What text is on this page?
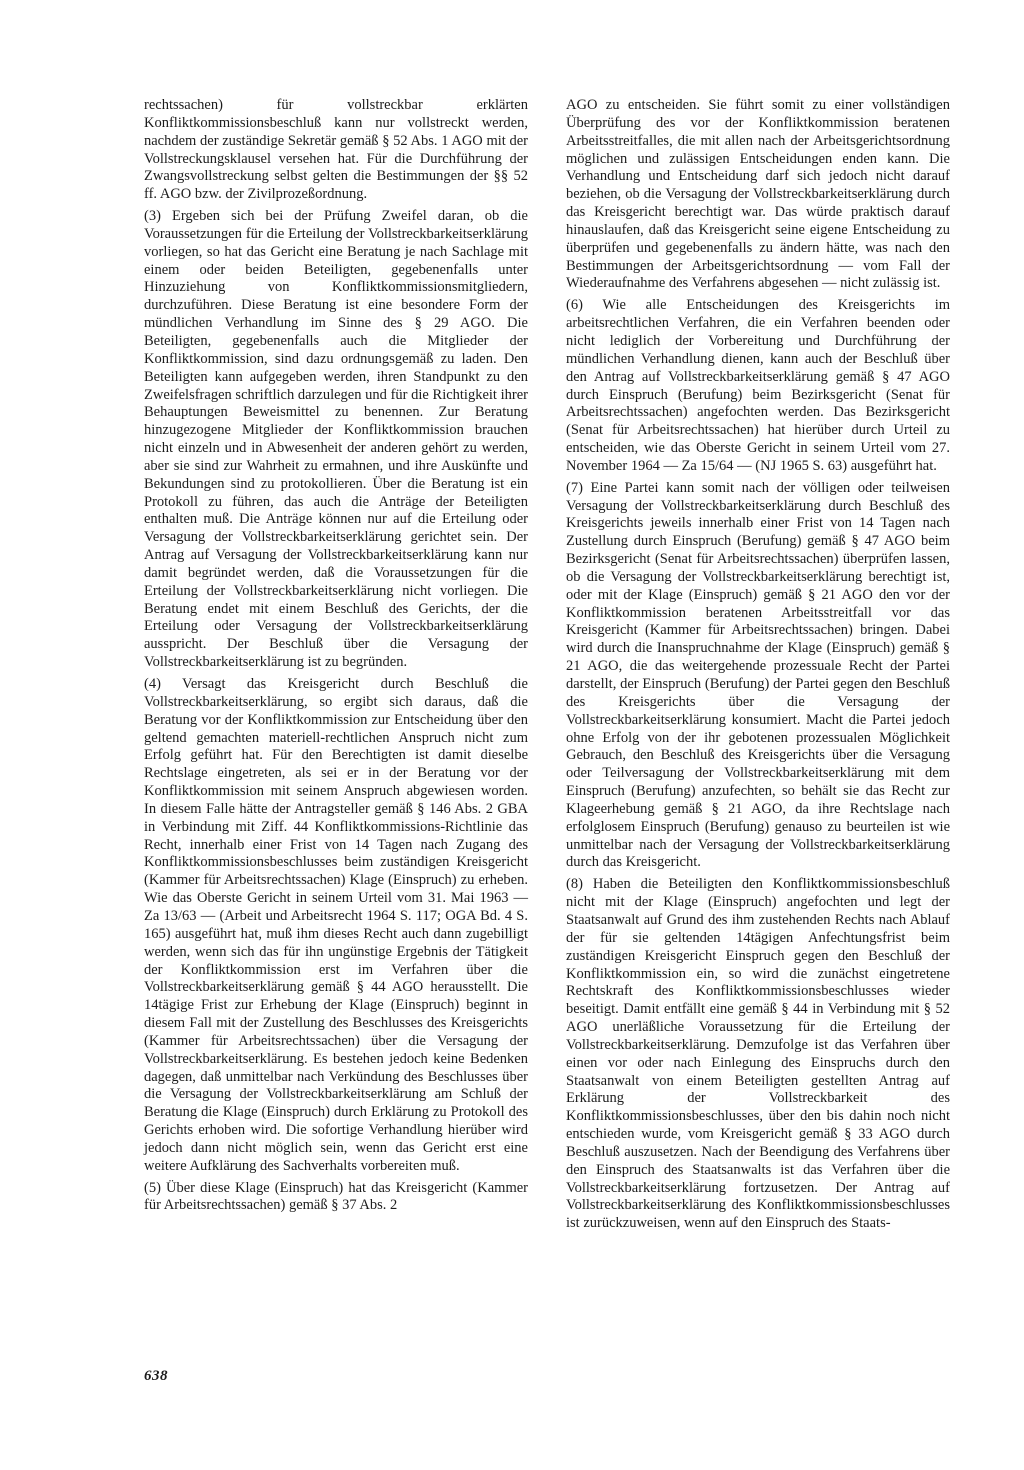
rechtssachen) für vollstreckbar erklärten Konfliktkommissionsbeschluß kann nur vollstreckt werden, nachdem der zuständige Sekretär gemäß § 52 Abs. 1 AGO mit der Vollstreckungsklausel versehen hat. Für die Durchführung der Zwangsvollstreckung selbst gelten die Bestimmungen der §§ 52 ff. AGO bzw. der Zivilprozeßordnung.

(3) Ergeben sich bei der Prüfung Zweifel daran, ob die Voraussetzungen für die Erteilung der Vollstreckbarkeitserklärung vorliegen, so hat das Gericht eine Beratung je nach Sachlage mit einem oder beiden Beteiligten, gegebenenfalls unter Hinzuziehung von Konfliktkommissionsmitgliedern, durchzuführen. Diese Beratung ist eine besondere Form der mündlichen Verhandlung im Sinne des § 29 AGO. Die Beteiligten, gegebenenfalls auch die Mitglieder der Konfliktkommission, sind dazu ordnungsgemäß zu laden. Den Beteiligten kann aufgegeben werden, ihren Standpunkt zu den Zweifelsfragen schriftlich darzulegen und für die Richtigkeit ihrer Behauptungen Beweismittel zu benennen. Zur Beratung hinzugezogene Mitglieder der Konfliktkommission brauchen nicht einzeln und in Abwesenheit der anderen gehört zu werden, aber sie sind zur Wahrheit zu ermahnen, und ihre Auskünfte und Bekundungen sind zu protokollieren. Über die Beratung ist ein Protokoll zu führen, das auch die Anträge der Beteiligten enthalten muß. Die Anträge können nur auf die Erteilung oder Versagung der Vollstreckbarkeitserklärung gerichtet sein. Der Antrag auf Versagung der Vollstreckbarkeitserklärung kann nur damit begründet werden, daß die Voraussetzungen für die Erteilung der Vollstreckbarkeitserklärung nicht vorliegen. Die Beratung endet mit einem Beschluß des Gerichts, der die Erteilung oder Versagung der Vollstreckbarkeitserklärung ausspricht. Der Beschluß über die Versagung der Vollstreckbarkeitserklärung ist zu begründen.

(4) Versagt das Kreisgericht durch Beschluß die Vollstreckbarkeitserklärung, so ergibt sich daraus, daß die Beratung vor der Konfliktkommission zur Entscheidung über den geltend gemachten materiell-rechtlichen Anspruch nicht zum Erfolg geführt hat. Für den Berechtigten ist damit dieselbe Rechtslage eingetreten, als sei er in der Beratung vor der Konfliktkommission mit seinem Anspruch abgewiesen worden. In diesem Falle hätte der Antragsteller gemäß § 146 Abs. 2 GBA in Verbindung mit Ziff. 44 Konfliktkommissions-Richtlinie das Recht, innerhalb einer Frist von 14 Tagen nach Zugang des Konfliktkommissionsbeschlusses beim zuständigen Kreisgericht (Kammer für Arbeitsrechtssachen) Klage (Einspruch) zu erheben. Wie das Oberste Gericht in seinem Urteil vom 31. Mai 1963 — Za 13/63 — (Arbeit und Arbeitsrecht 1964 S. 117; OGA Bd. 4 S. 165) ausgeführt hat, muß ihm dieses Recht auch dann zugebilligt werden, wenn sich das für ihn ungünstige Ergebnis der Tätigkeit der Konfliktkommission erst im Verfahren über die Vollstreckbarkeitserklärung gemäß § 44 AGO herausstellt. Die 14tägige Frist zur Erhebung der Klage (Einspruch) beginnt in diesem Fall mit der Zustellung des Beschlusses des Kreisgerichts (Kammer für Arbeitsrechtssachen) über die Versagung der Vollstreckbarkeitserklärung. Es bestehen jedoch keine Bedenken dagegen, daß unmittelbar nach Verkündung des Beschlusses über die Versagung der Vollstreckbarkeitserklärung am Schluß der Beratung die Klage (Einspruch) durch Erklärung zu Protokoll des Gerichts erhoben wird. Die sofortige Verhandlung hierüber wird jedoch dann nicht möglich sein, wenn das Gericht erst eine weitere Aufklärung des Sachverhalts vorbereiten muß.

(5) Über diese Klage (Einspruch) hat das Kreisgericht (Kammer für Arbeitsrechtssachen) gemäß § 37 Abs. 2

AGO zu entscheiden. Sie führt somit zu einer vollständigen Überprüfung des vor der Konfliktkommission beratenen Arbeitsstreitfalles, die mit allen nach der Arbeitsgerichtsordnung möglichen und zulässigen Entscheidungen enden kann. Die Verhandlung und Entscheidung darf sich jedoch nicht darauf beziehen, ob die Versagung der Vollstreckbarkeitserklärung durch das Kreisgericht berechtigt war. Das würde praktisch darauf hinauslaufen, daß das Kreisgericht seine eigene Entscheidung zu überprüfen und gegebenenfalls zu ändern hätte, was nach den Bestimmungen der Arbeitsgerichtsordnung — vom Fall der Wiederaufnahme des Verfahrens abgesehen — nicht zulässig ist.

(6) Wie alle Entscheidungen des Kreisgerichts im arbeitsrechtlichen Verfahren, die ein Verfahren beenden oder nicht lediglich der Vorbereitung und Durchführung der mündlichen Verhandlung dienen, kann auch der Beschluß über den Antrag auf Vollstreckbarkeitserklärung gemäß § 47 AGO durch Einspruch (Berufung) beim Bezirksgericht (Senat für Arbeitsrechtssachen) angefochten werden. Das Bezirksgericht (Senat für Arbeitsrechtssachen) hat hierüber durch Urteil zu entscheiden, wie das Oberste Gericht in seinem Urteil vom 27. November 1964 — Za 15/64 — (NJ 1965 S. 63) ausgeführt hat.

(7) Eine Partei kann somit nach der völligen oder teilweisen Versagung der Vollstreckbarkeitserklärung durch Beschluß des Kreisgerichts jeweils innerhalb einer Frist von 14 Tagen nach Zustellung durch Einspruch (Berufung) gemäß § 47 AGO beim Bezirksgericht (Senat für Arbeitsrechtssachen) überprüfen lassen, ob die Versagung der Vollstreckbarkeitserklärung berechtigt ist, oder mit der Klage (Einspruch) gemäß § 21 AGO den vor der Konfliktkommission beratenen Arbeitsstreitfall vor das Kreisgericht (Kammer für Arbeitsrechtssachen) bringen. Dabei wird durch die Inanspruchnahme der Klage (Einspruch) gemäß § 21 AGO, die das weitergehende prozessuale Recht der Partei darstellt, der Einspruch (Berufung) der Partei gegen den Beschluß des Kreisgerichts über die Versagung der Vollstreckbarkeitserklärung konsumiert. Macht die Partei jedoch ohne Erfolg von der ihr gebotenen prozessualen Möglichkeit Gebrauch, den Beschluß des Kreisgerichts über die Versagung oder Teilversagung der Vollstreckbarkeitserklärung mit dem Einspruch (Berufung) anzufechten, so behält sie das Recht zur Klageerhebung gemäß § 21 AGO, da ihre Rechtslage nach erfolglosem Einspruch (Berufung) genauso zu beurteilen ist wie unmittelbar nach der Versagung der Vollstreckbarkeitserklärung durch das Kreisgericht.

(8) Haben die Beteiligten den Konfliktkommissionsbeschluß nicht mit der Klage (Einspruch) angefochten und legt der Staatsanwalt auf Grund des ihm zustehenden Rechts nach Ablauf der für sie geltenden 14tägigen Anfechtungsfrist beim zuständigen Kreisgericht Einspruch gegen den Beschluß der Konfliktkommission ein, so wird die zunächst eingetretene Rechtskraft des Konfliktkommissionsbeschlusses wieder beseitigt. Damit entfällt eine gemäß § 44 in Verbindung mit § 52 AGO unerläßliche Voraussetzung für die Erteilung der Vollstreckbarkeitserklärung. Demzufolge ist das Verfahren über einen vor oder nach Einlegung des Einspruchs durch den Staatsanwalt von einem Beteiligten gestellten Antrag auf Erklärung der Vollstreckbarkeit des Konfliktkommissionsbeschlusses, über den bis dahin noch nicht entschieden wurde, vom Kreisgericht gemäß § 33 AGO durch Beschluß auszusetzen. Nach der Beendigung des Verfahrens über den Einspruch des Staatsanwalts ist das Verfahren über die Vollstreckbarkeitserklärung fortzusetzen. Der Antrag auf Vollstreckbarkeitserklärung des Konfliktkommissionsbeschlusses ist zurückzuweisen, wenn auf den Einspruch des Staats-

638
